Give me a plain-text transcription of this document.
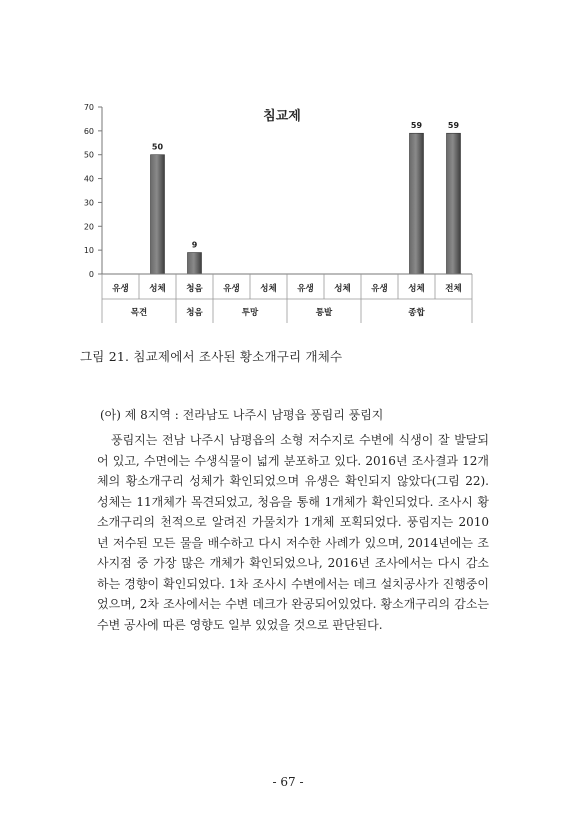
침교제
0
10
20
30
40
50
60
70
50
9
59	59
유생 성체 청음 유생 성체 유생 성체 유생 성체 전체
목견	청음	투망	통발	종합
그림 21. 침교제에서 조사된 황소개구리 개체수
(아) 제 8지역 : 전라남도 나주시 남평읍 풍림리 풍림지

풍림지는 전남 나주시 남평읍의 소형 저수지로 수변에 식생이 잘 발달되어 있고, 수면에는 수생식물이 넓게 분포하고 있다. 2016년 조사결과 12개체의 황소개구리 성체가 확인되었으며 유생은 확인되지 않았다(그림 22). 성체는 11개체가 목견되었고, 청음을 통해 1개체가 확인되었다. 조사시 황소개구리의 천적으로 알려진 가물치가 1개체 포획되었다. 풍림지는 2010년 저수된 모든 물을 배수하고 다시 저수한 사례가 있으며, 2014년에는 조사지점 중 가장 많은 개체가 확인되었으나, 2016년 조사에서는 다시 감소하는 경향이 확인되었다. 1차 조사시 수변에서는 데크 설치공사가 진행중이었으며, 2차 조사에서는 수변 데크가 완공되어있었다. 황소개구리의 감소는 수변 공사에 따른 영향도 일부 있었을 것으로 판단된다.

- 67 -
